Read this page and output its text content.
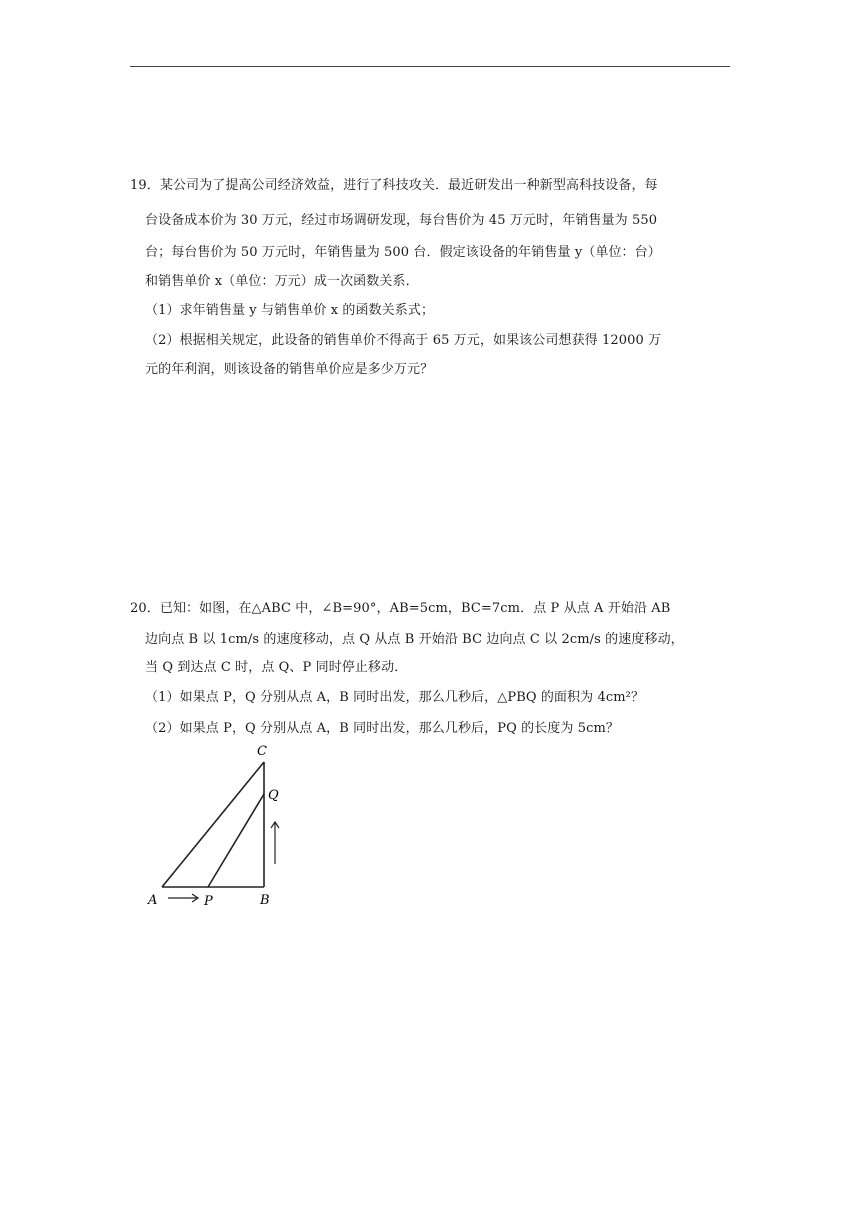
19．某公司为了提高公司经济效益，进行了科技攻关．最近研发出一种新型高科技设备，每
台设备成本价为 30 万元，经过市场调研发现，每台售价为 45 万元时，年销售量为 550
台；每台售价为 50 万元时，年销售量为 500 台．假定该设备的年销售量 y（单位：台）
和销售单价 x（单位：万元）成一次函数关系．
（1）求年销售量 y 与销售单价 x 的函数关系式；
（2）根据相关规定，此设备的销售单价不得高于 65 万元，如果该公司想获得 12000 万
元的年利润，则该设备的销售单价应是多少万元？
20．已知：如图，在△ABC 中，∠B=90°，AB=5cm，BC=7cm．点 P 从点 A 开始沿 AB
边向点 B 以 1cm/s 的速度移动，点 Q 从点 B 开始沿 BC 边向点 C 以 2cm/s 的速度移动，
当 Q 到达点 C 时，点 Q、P 同时停止移动．
（1）如果点 P，Q 分别从点 A，B 同时出发，那么几秒后，△PBQ 的面积为 4cm²？
（2）如果点 P，Q 分别从点 A，B 同时出发，那么几秒后，PQ 的长度为 5cm？
C
Q
A	P	B
